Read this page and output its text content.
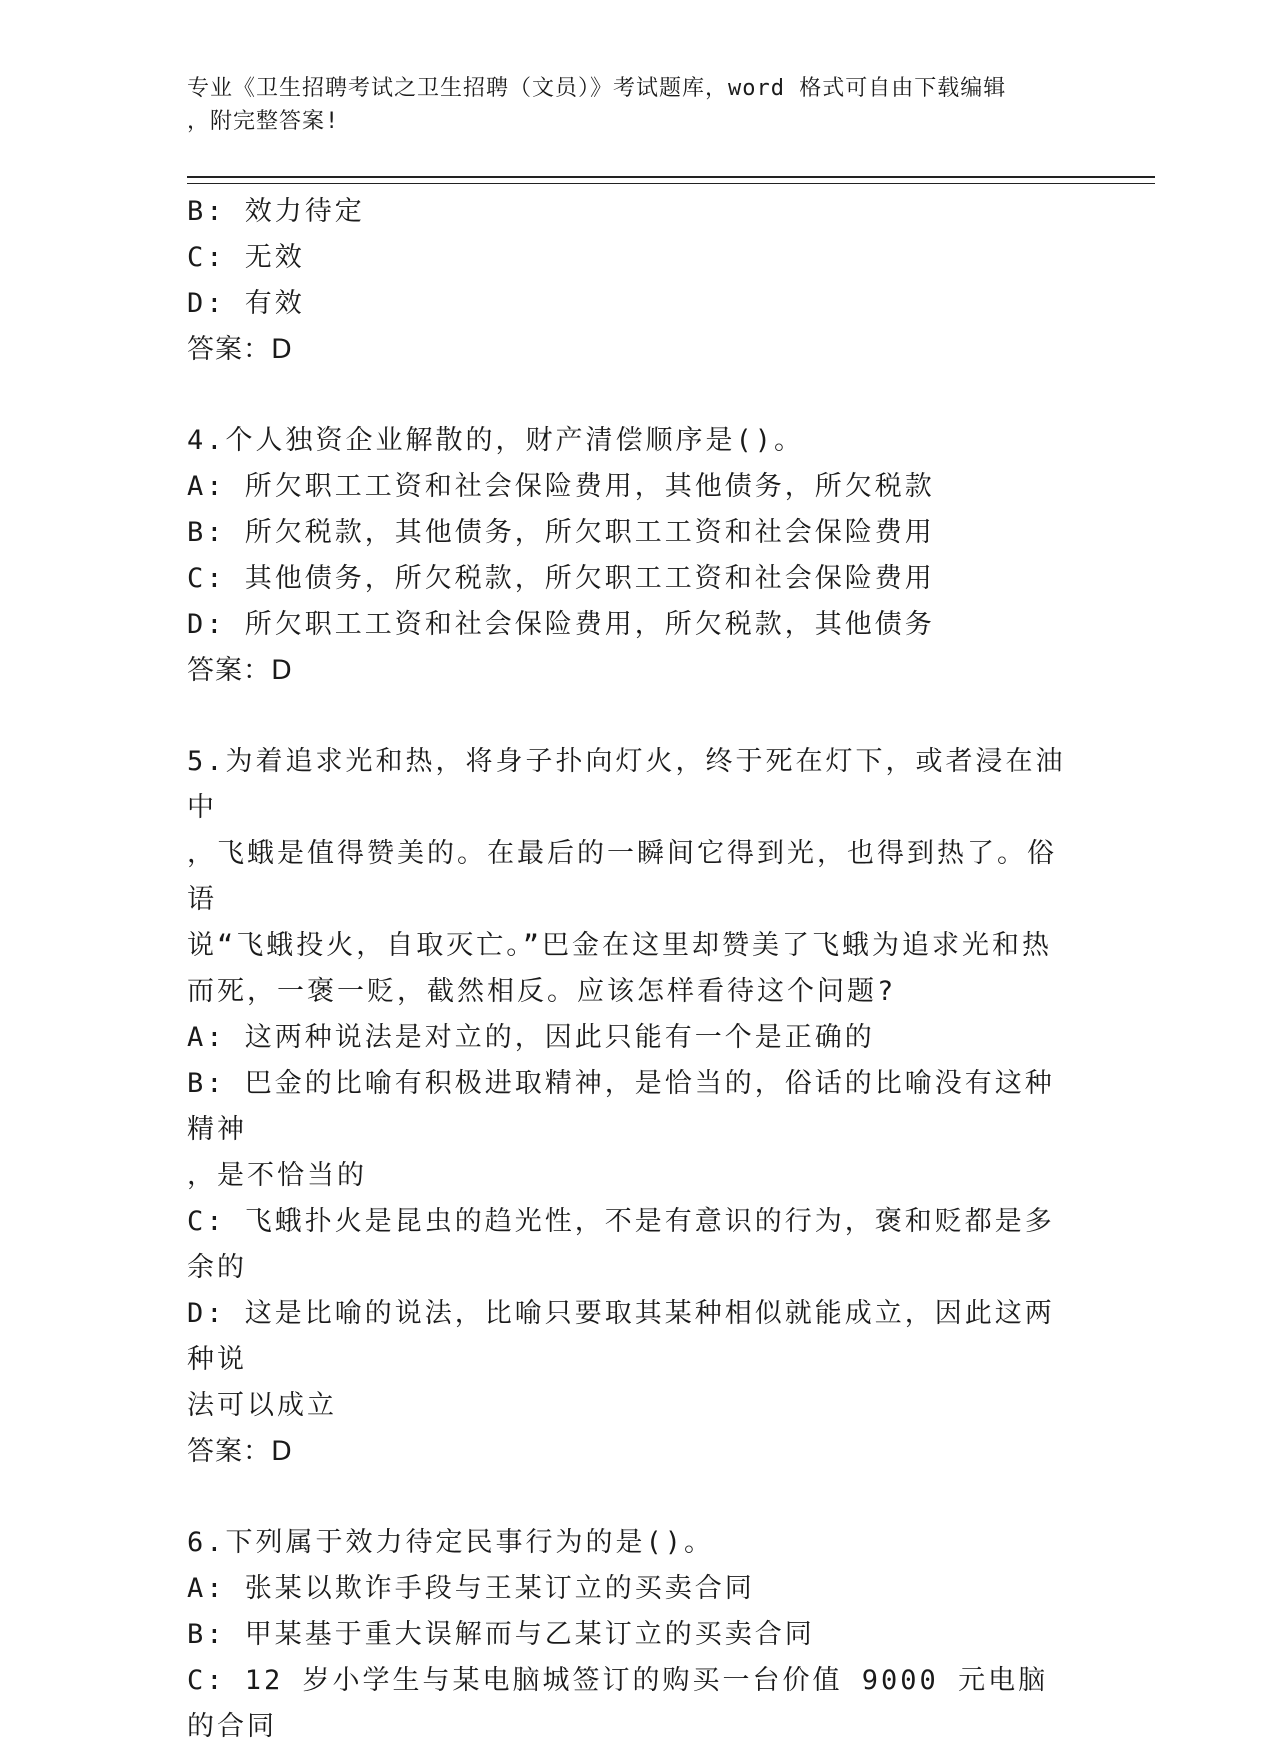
专业《卫生招聘考试之卫生招聘（文员）》考试题库，word 格式可自由下载编辑
，附完整答案!
B: 效力待定
C: 无效
D: 有效
答案：D
4.个人独资企业解散的，财产清偿顺序是()。
A: 所欠职工工资和社会保险费用，其他债务，所欠税款
B: 所欠税款，其他债务，所欠职工工资和社会保险费用
C: 其他债务，所欠税款，所欠职工工资和社会保险费用
D: 所欠职工工资和社会保险费用，所欠税款，其他债务
答案：D
5.为着追求光和热，将身子扑向灯火，终于死在灯下，或者浸在油中
，飞蛾是值得赞美的。在最后的一瞬间它得到光，也得到热了。俗语
说“飞蛾投火，自取灭亡。”巴金在这里却赞美了飞蛾为追求光和热
而死，一褒一贬，截然相反。应该怎样看待这个问题?
A: 这两种说法是对立的，因此只能有一个是正确的
B: 巴金的比喻有积极进取精神，是恰当的，俗话的比喻没有这种精神
，是不恰当的
C: 飞蛾扑火是昆虫的趋光性，不是有意识的行为，褒和贬都是多余的
D: 这是比喻的说法，比喻只要取其某种相似就能成立，因此这两种说
法可以成立
答案：D
6.下列属于效力待定民事行为的是()。
A: 张某以欺诈手段与王某订立的买卖合同
B: 甲某基于重大误解而与乙某订立的买卖合同
C: 12 岁小学生与某电脑城签订的购买一台价值 9000 元电脑的合同
